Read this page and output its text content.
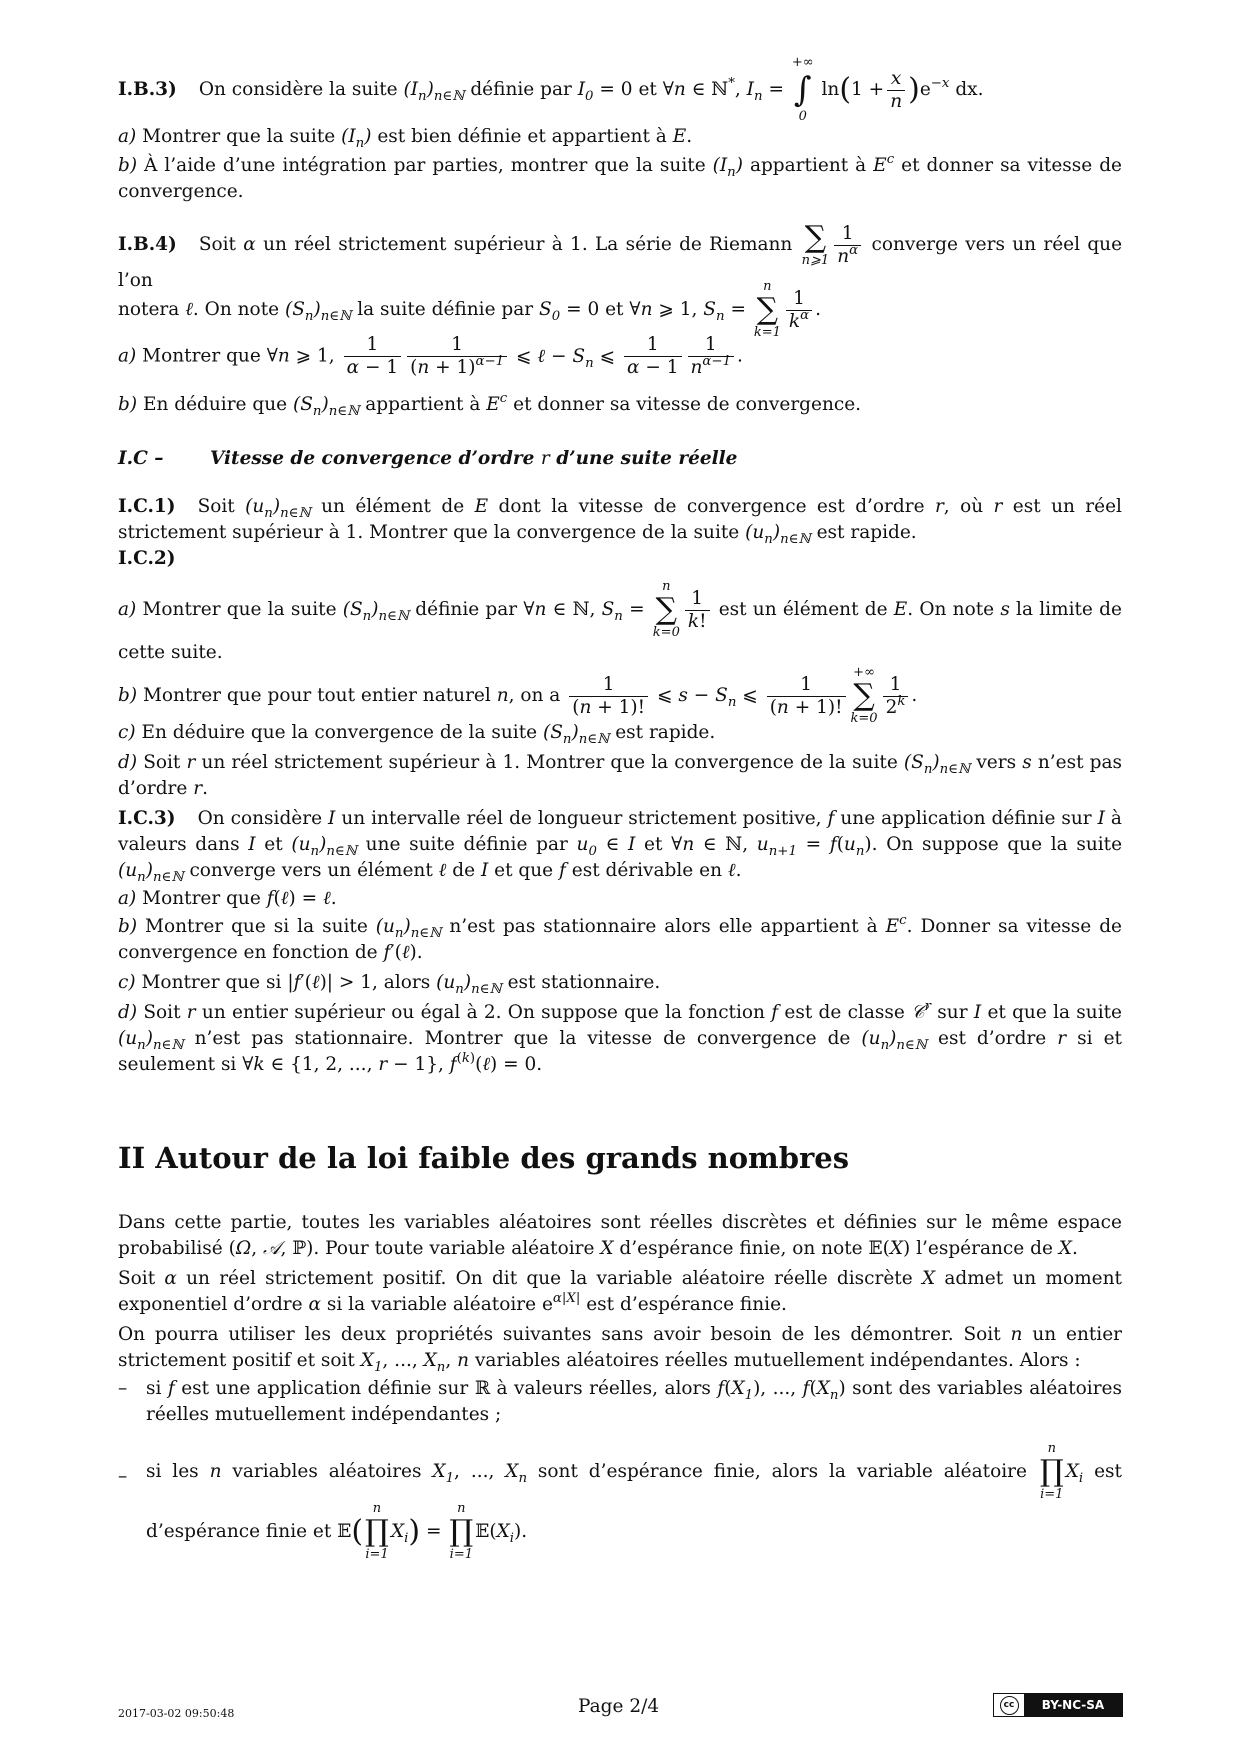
I.B.3) On considère la suite $(I_n)_{n\in ℕ}$ définie par $I_0 = 0$ et ∀n ∈ ℕ*, $I_n$ =
+∞
∫
0
$\ln(1 + \frac{x}{n} )e^{-x}$ dx.
a) Montrer que la suite $(I_n)$ est bien définie et appartient à E.
b) À l’aide d’une intégration par parties, montrer que la suite $(I_n)$ appartient à $E^c$ et donner sa vitesse de convergence.
I.B.4) Soit α un réel strictement supérieur à 1. La série de Riemann ∑
n⩾1 $\frac{1}{n^\alpha}$ converge vers un réel que l’on
notera ℓ. On note $(S_n)_{n\in ℕ}$ la suite définie par $S_0 = 0$ et ∀n ⩾ 1, $S_n$ =
n
∑
$k=1 \frac{1}{k^\alpha}$ .
a) Montrer que ∀n ⩾ 1, $\frac{1}{\alpha - 1} \frac{1}{(n + 1)^{\alpha-1}}$ ⩽ ℓ − $S_n$ ⩽ $\frac{1}{\alpha - 1} \frac{1}{n^{\alpha-1}}$ .
b) En déduire que $(S_n)_{n\in ℕ}$ appartient à $E^c$ et donner sa vitesse de convergence.
I.C –	Vitesse de convergence d’ordre r d’une suite réelle
I.C.1) Soit $(u_n)_{n\in ℕ}$ un élément de E dont la vitesse de convergence est d’ordre r, où r est un réel strictement supérieur à 1. Montrer que la convergence de la suite $(u_n)_{n\in ℕ}$ est rapide.
I.C.2)
a) Montrer que la suite $(S_n)_{n\in ℕ}$ définie par ∀n ∈ ℕ, $S_n$ =
n
∑
$k=0 \frac{1}{k!}$ est un élément de E. On note s la limite de cette suite.
b) Montrer que pour tout entier naturel n, on a $\frac{1}{(n + 1)!}$ ⩽ $s - S_n$ ⩽ $\frac{1}{(n + 1)!}$
+∞
∑
$k=0 \frac{1}{2^k}$ .
c) En déduire que la convergence de la suite $(S_n)_{n\in ℕ}$ est rapide.
d) Soit r un réel strictement supérieur à 1. Montrer que la convergence de la suite $(S_n)_{n\in ℕ}$ vers s n’est pas d’ordre r.
I.C.3) On considère I un intervalle réel de longueur strictement positive, f une application définie sur I à valeurs dans I et $(u_n)_{n\in ℕ}$ une suite définie par $u_0$ ∈ I et ∀n ∈ ℕ, $u_{n+1} = f(u_n)$. On suppose que la suite $(u_n)_{n\in ℕ}$ converge vers un élément ℓ de I et que f est dérivable en ℓ.
a) Montrer que f(ℓ) = ℓ.
b) Montrer que si la suite $(u_n)_{n\in ℕ}$ n’est pas stationnaire alors elle appartient à $E^c$. Donner sa vitesse de convergence en fonction de f′(ℓ).
c) Montrer que si |f′(ℓ)| > 1, alors $(u_n)_{n\in ℕ}$ est stationnaire.
d) Soit r un entier supérieur ou égal à 2. On suppose que la fonction f est de classe 𝒞$^r$ sur I et que la suite $(u_n)_{n\in ℕ}$ n’est pas stationnaire. Montrer que la vitesse de convergence de $(u_n)_{n\in ℕ}$ est d’ordre r si et seulement si ∀k ∈ {1, 2, ..., r − 1}, $f^{(k)}(\ell) = 0$.
II Autour de la loi faible des grands nombres
Dans cette partie, toutes les variables aléatoires sont réelles discrètes et définies sur le même espace probabilisé (Ω, 𝒜, ℙ). Pour toute variable aléatoire X d’espérance finie, on note 𝔼(X) l’espérance de X.
Soit α un réel strictement positif. On dit que la variable aléatoire réelle discrète X admet un moment exponentiel d’ordre α si la variable aléatoire $e^{\alpha|X|}$ est d’espérance finie.
On pourra utiliser les deux propriétés suivantes sans avoir besoin de les démontrer. Soit n un entier strictement positif et soit $X_1$, ..., $X_n$, n variables aléatoires réelles mutuellement indépendantes. Alors :
– si f est une application définie sur ℝ à valeurs réelles, alors $f(X_1)$, ..., $f(X_n)$ sont des variables aléatoires réelles mutuellement indépendantes ;
– si les n variables aléatoires $X_1$, ..., $X_n$ sont d’espérance finie, alors la variable aléatoire
n
∏
i=1
$X_i$ est d’espérance finie et 𝔼(
n
∏
i=1
$X_i$) =
n
∏
i=1
$𝔼(X_i)$.
2017-03-02 09:50:48	Page 2/4	cc	BY-NC-SA
